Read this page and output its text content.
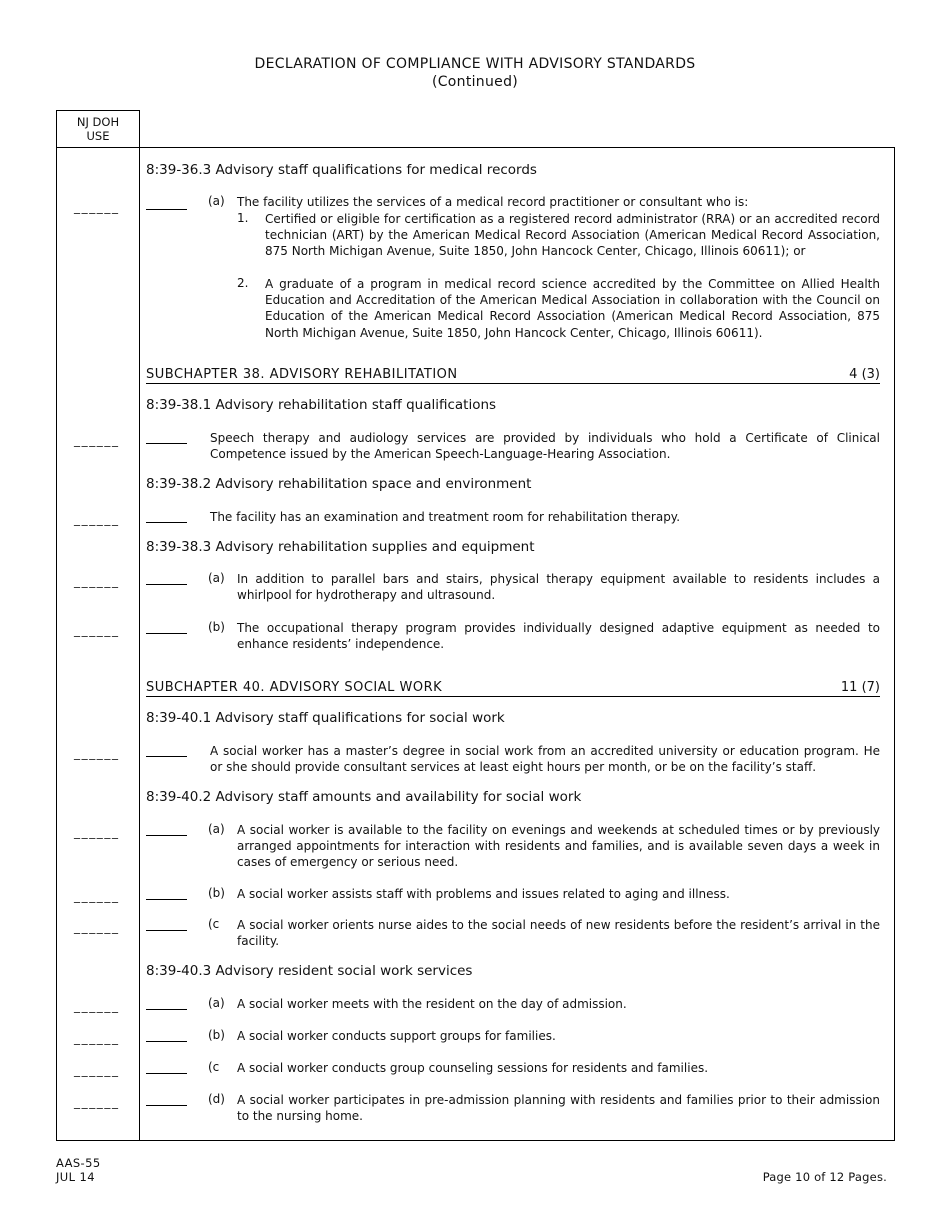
DECLARATION OF COMPLIANCE WITH ADVISORY STANDARDS
(Continued)
NJ DOH
USE
8:39-36.3 Advisory staff qualifications for medical records
______	(a) The facility utilizes the services of a medical record practitioner or consultant who is:
1. Certified or eligible for certification as a registered record administrator (RRA) or an accredited record technician (ART) by the American Medical Record Association (American Medical Record Association, 875 North Michigan Avenue, Suite 1850, John Hancock Center, Chicago, Illinois 60611); or
2. A graduate of a program in medical record science accredited by the Committee on Allied Health Education and Accreditation of the American Medical Association in collaboration with the Council on Education of the American Medical Record Association (American Medical Record Association, 875 North Michigan Avenue, Suite 1850, John Hancock Center, Chicago, Illinois 60611).
SUBCHAPTER 38. ADVISORY REHABILITATION	4 (3)
8:39-38.1 Advisory rehabilitation staff qualifications
______	Speech therapy and audiology services are provided by individuals who hold a Certificate of Clinical Competence issued by the American Speech-Language-Hearing Association.
8:39-38.2 Advisory rehabilitation space and environment
______	The facility has an examination and treatment room for rehabilitation therapy.
8:39-38.3 Advisory rehabilitation supplies and equipment
______	(a) In addition to parallel bars and stairs, physical therapy equipment available to residents includes a whirlpool for hydrotherapy and ultrasound.
______	(b) The occupational therapy program provides individually designed adaptive equipment as needed to enhance residents’ independence.
SUBCHAPTER 40. ADVISORY SOCIAL WORK	11 (7)
8:39-40.1 Advisory staff qualifications for social work
______	A social worker has a master’s degree in social work from an accredited university or education program. He or she should provide consultant services at least eight hours per month, or be on the facility’s staff.
8:39-40.2 Advisory staff amounts and availability for social work
______	(a) A social worker is available to the facility on evenings and weekends at scheduled times or by previously arranged appointments for interaction with residents and families, and is available seven days a week in cases of emergency or serious need.
______	(b) A social worker assists staff with problems and issues related to aging and illness.
______	(c A social worker orients nurse aides to the social needs of new residents before the resident’s arrival in the facility.
8:39-40.3 Advisory resident social work services
______	(a) A social worker meets with the resident on the day of admission.
______	(b) A social worker conducts support groups for families.
______	(c A social worker conducts group counseling sessions for residents and families.
______	(d) A social worker participates in pre-admission planning with residents and families prior to their admission to the nursing home.
AAS-55
JUL 14	Page 10 of 12 Pages.
